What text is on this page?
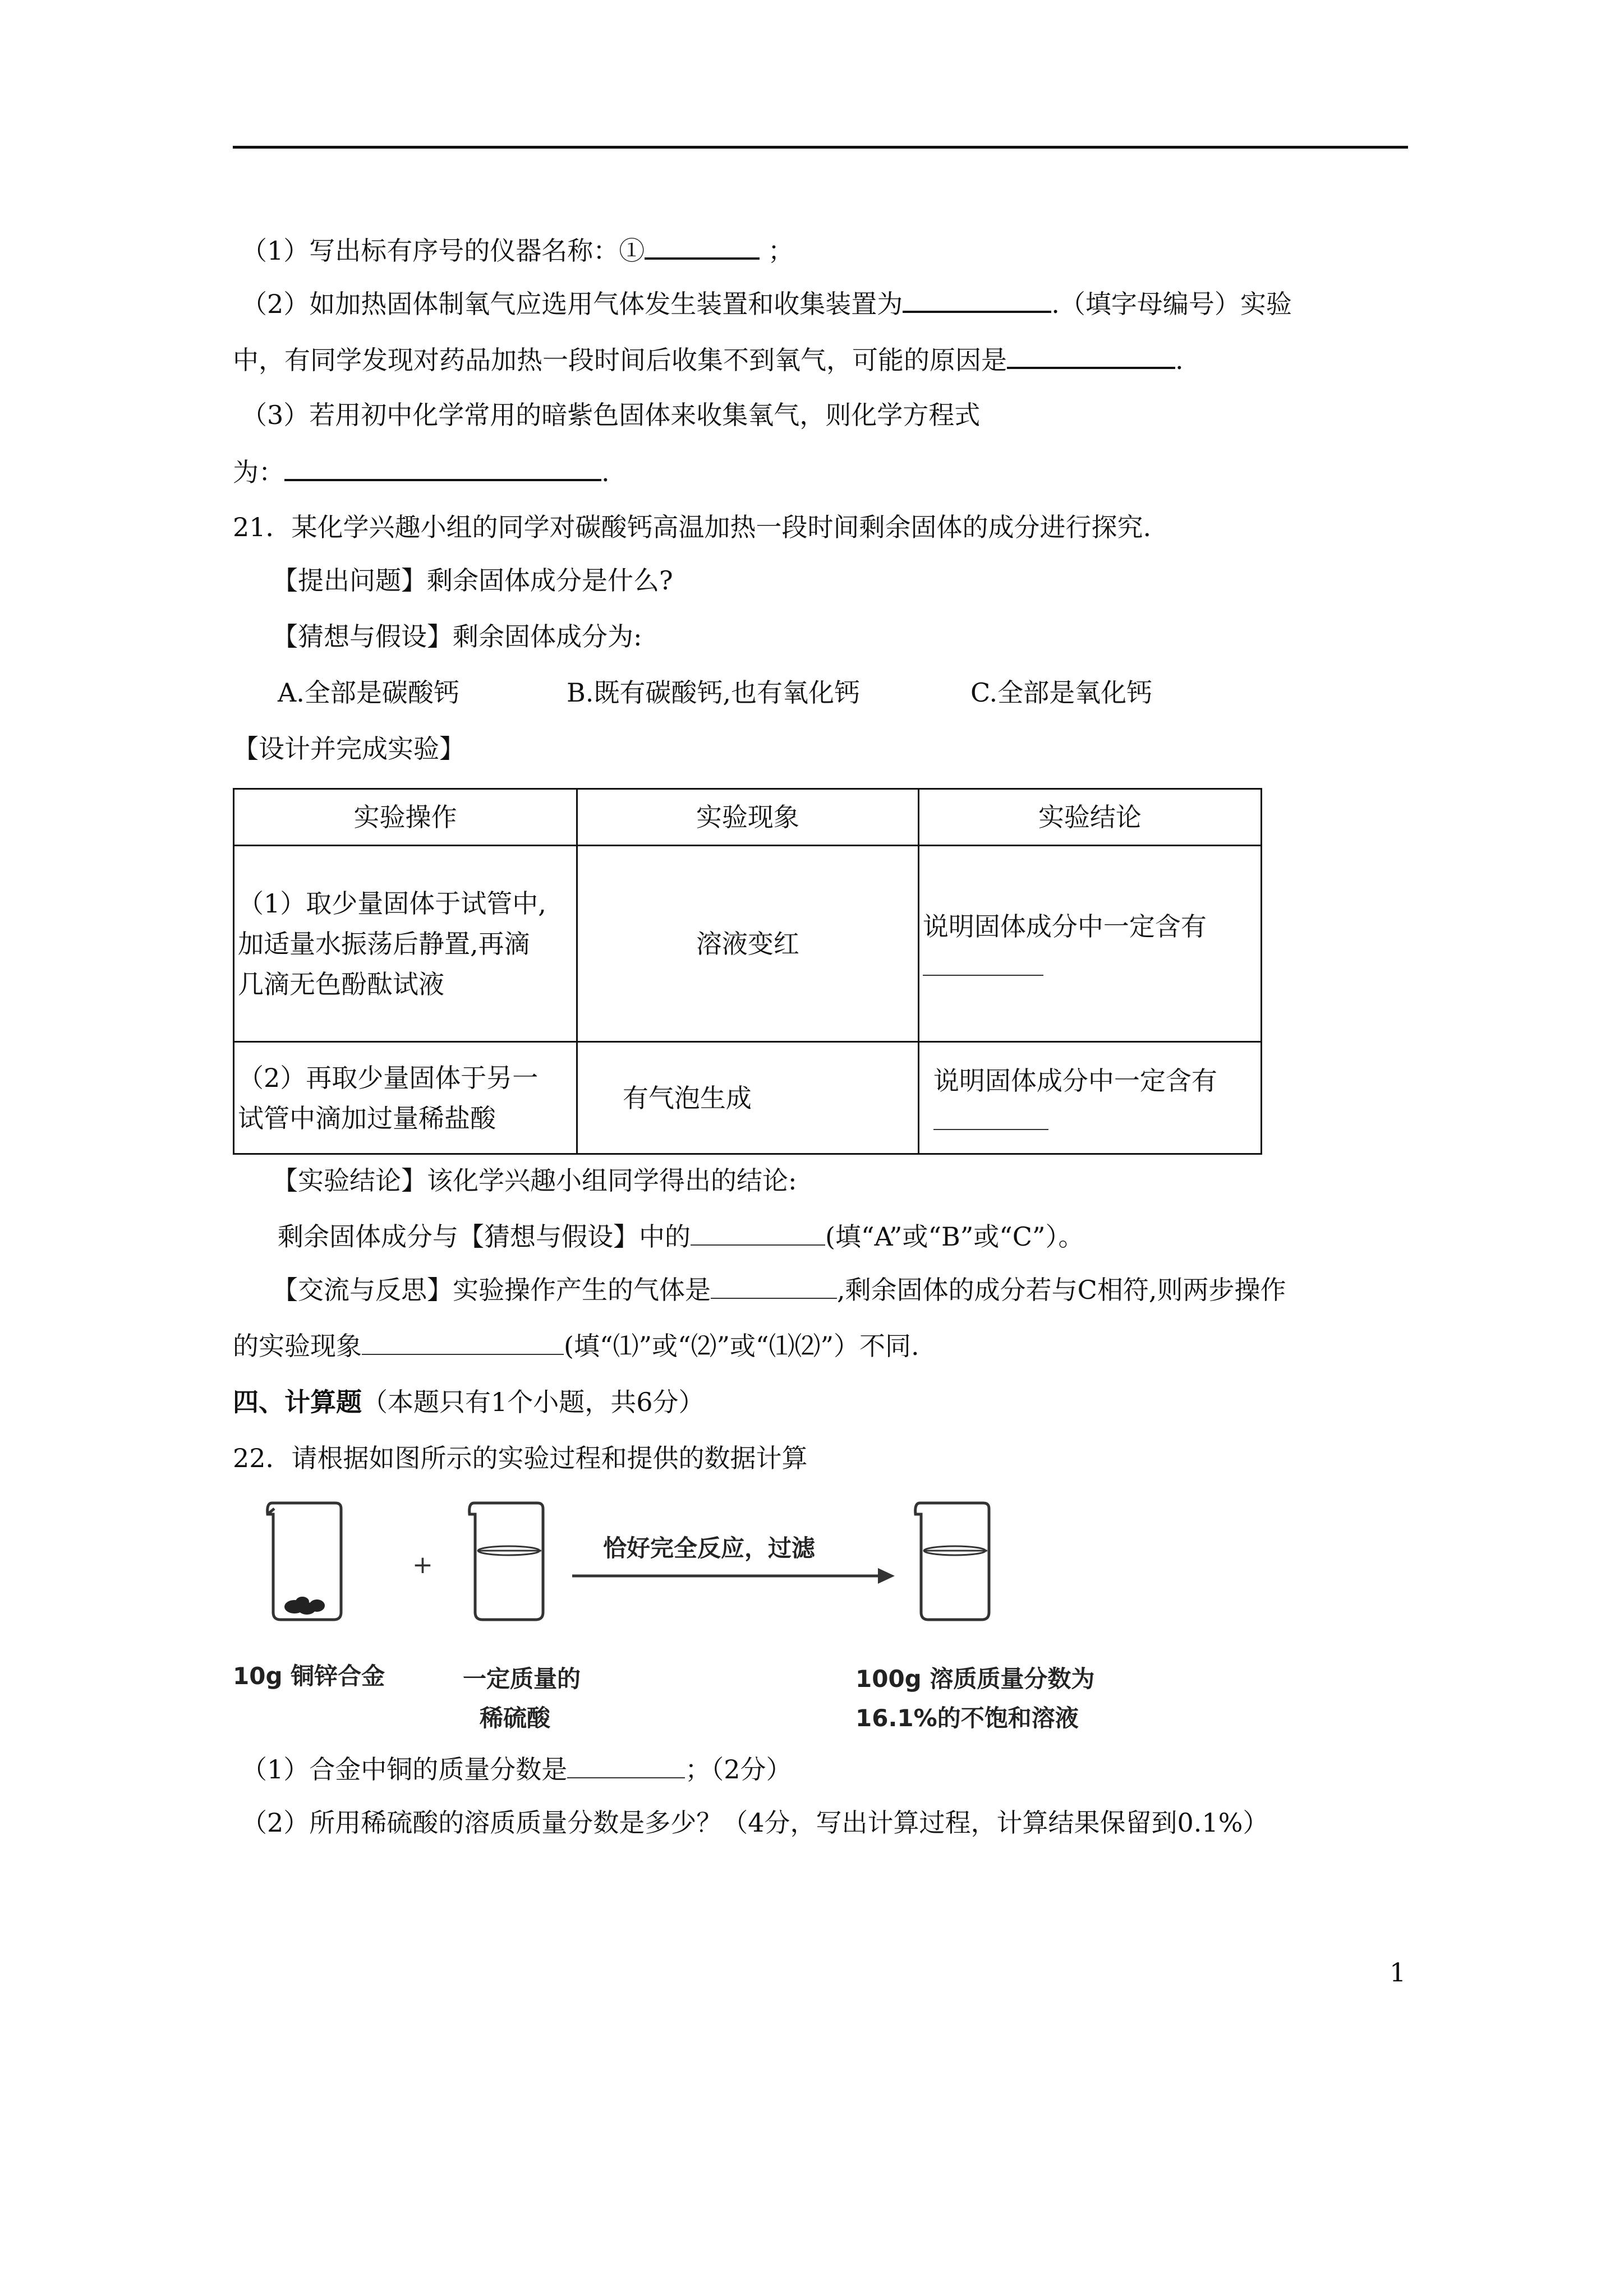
（1）写出标有序号的仪器名称：①	；
（2）如加热固体制氧气应选用气体发生装置和收集装置为	.（填字母编号）实验
中，有同学发现对药品加热一段时间后收集不到氧气，可能的原因是	.
（3）若用初中化学常用的暗紫色固体来收集氧气，则化学方程式
为：	.
21．某化学兴趣小组的同学对碳酸钙高温加热一段时间剩余固体的成分进行探究.
【提出问题】剩余固体成分是什么?
【猜想与假设】剩余固体成分为:
A.全部是碳酸钙	B.既有碳酸钙,也有氧化钙	C.全部是氧化钙
【设计并完成实验】
实验操作	实验现象	实验结论

（1）取少量固体于试管中,
加适量水振荡后静置,再滴
几滴无色酚酞试液	溶液变红	说明固体成分中一定含有

（2）再取少量固体于另一
试管中滴加过量稀盐酸	有气泡生成	说明固体成分中一定含有
【实验结论】该化学兴趣小组同学得出的结论:
剩余固体成分与【猜想与假设】中的	(填“A”或“B”或“C”）。
【交流与反思】实验操作产生的气体是	,剩余固体的成分若与C相符,则两步操作
的实验现象	(填“⑴”或“⑵”或“⑴⑵”）不同.
四、计算题（本题只有1个小题，共6分）
22．请根据如图所示的实验过程和提供的数据计算
+
恰好完全反应，过滤
10g 铜锌合金	一定质量的
稀硫酸
100g 溶质质量分数为
16.1%的不饱和溶液
（1）合金中铜的质量分数是	；（2分）
（2）所用稀硫酸的溶质质量分数是多少？（4分，写出计算过程，计算结果保留到0.1%）
1
